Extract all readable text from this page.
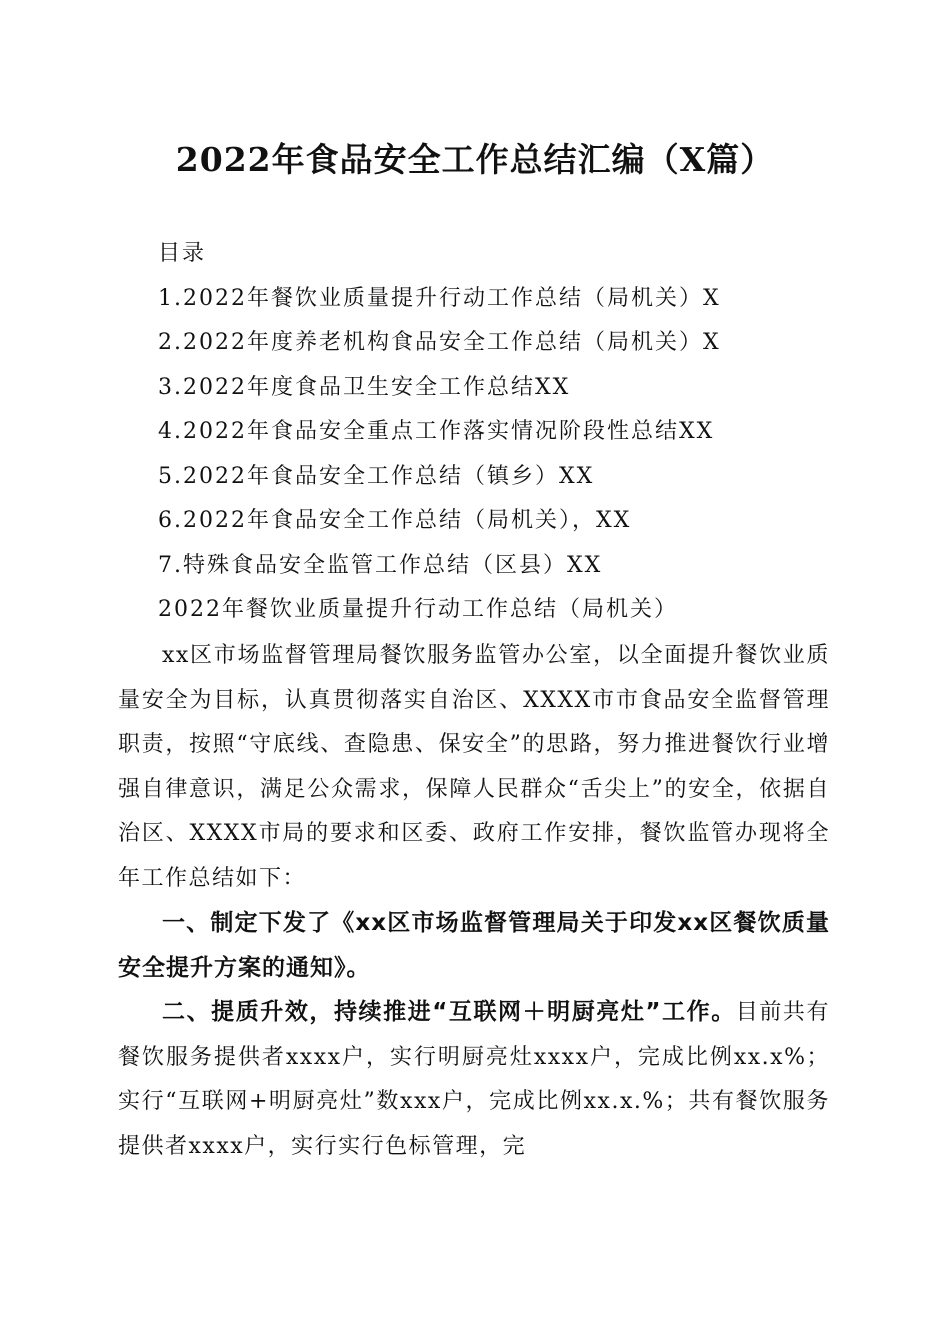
2022年食品安全工作总结汇编（X篇）
目录
1.2022年餐饮业质量提升行动工作总结（局机关）X
2.2022年度养老机构食品安全工作总结（局机关）X
3.2022年度食品卫生安全工作总结XX
4.2022年食品安全重点工作落实情况阶段性总结XX
5.2022年食品安全工作总结（镇乡）XX
6.2022年食品安全工作总结（局机关），XX
7.特殊食品安全监管工作总结（区县）XX
2022年餐饮业质量提升行动工作总结（局机关）

xx区市场监督管理局餐饮服务监管办公室，以全面提升餐饮业质量安全为目标，认真贯彻落实自治区、XXXX市市食品安全监督管理职责，按照“守底线、查隐患、保安全”的思路，努力推进餐饮行业增强自律意识，满足公众需求，保障人民群众“舌尖上”的安全，依据自治区、XXXX市局的要求和区委、政府工作安排，餐饮监管办现将全年工作总结如下：

一、制定下发了《xx区市场监督管理局关于印发xx区餐饮质量安全提升方案的通知》。

二、提质升效，持续推进“互联网＋明厨亮灶”工作。目前共有餐饮服务提供者xxxx户，实行明厨亮灶xxxx户，完成比例xx.x%；实行“互联网+明厨亮灶”数xxx户，完成比例xx.x.%；共有餐饮服务提供者xxxx户，实行实行色标管理，完
